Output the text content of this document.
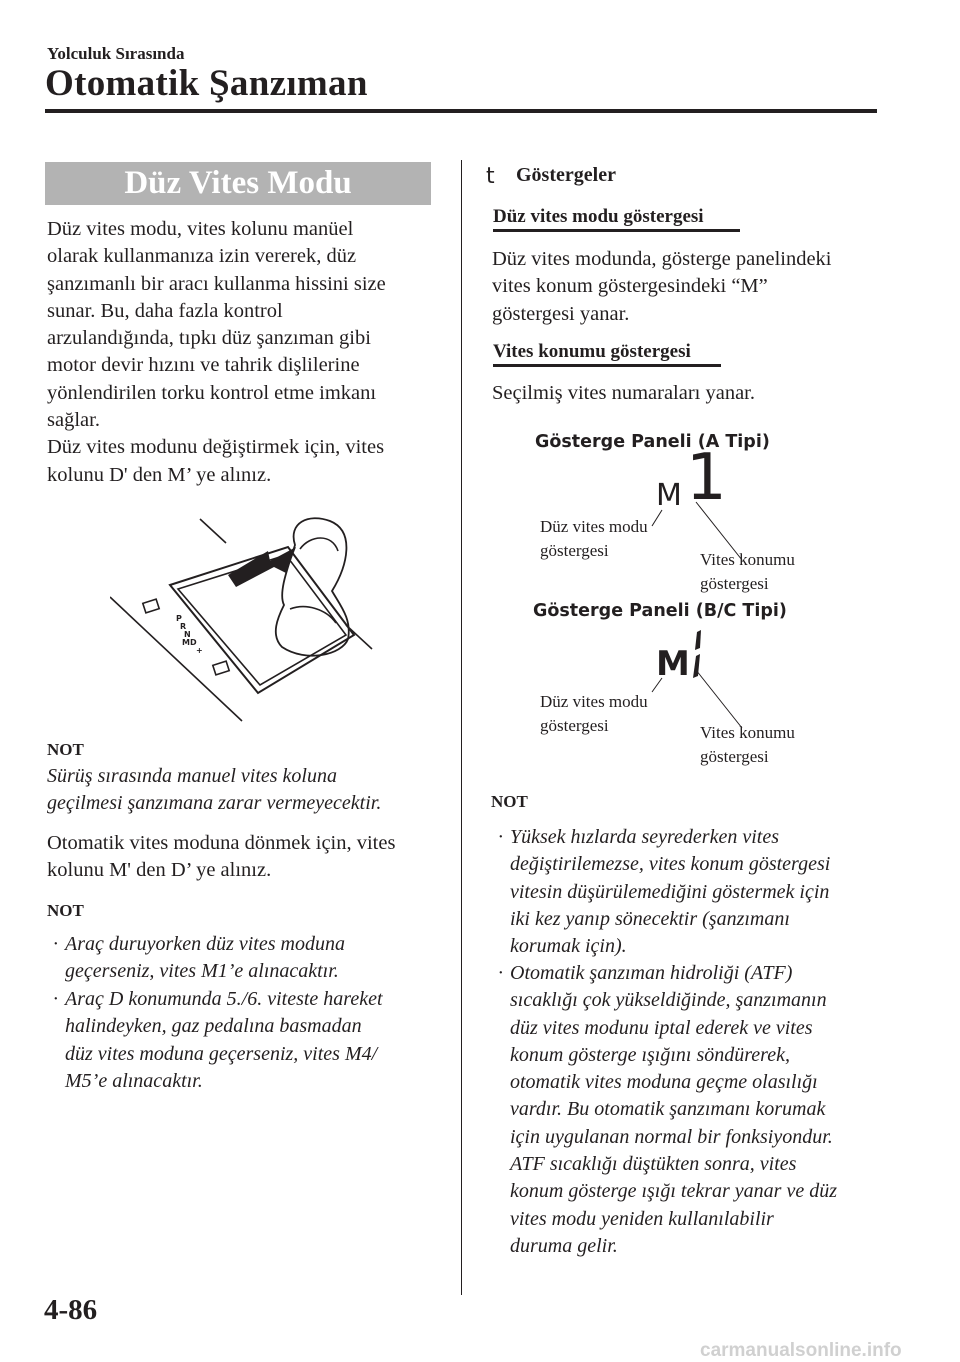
Yolculuk Sırasında
Otomatik Şanzıman
Düz Vites Modu
Düz vites modu, vites kolunu manüel
olarak kullanmanıza izin vererek, düz
şanzımanlı bir aracı kullanma hissini size
sunar. Bu, daha fazla kontrol
arzulandığında, tıpkı düz şanzıman gibi
motor devir hızını ve tahrik dişlilerine
yönlendirilen torku kontrol etme imkanı
sağlar.
Düz vites modunu değiştirmek için, vites
kolunu D' den M’ ye alınız.
P
R
N
D
M
+
NOT
Sürüş sırasında manuel vites koluna
geçilmesi şanzımana zarar vermeyecektir.
Otomatik vites moduna dönmek için, vites
kolunu M' den D’ ye alınız.
NOT
· Araç duruyorken düz vites moduna
geçerseniz, vites M1’e alınacaktır.
· Araç D konumunda 5./6. viteste hareket
halindeyken, gaz pedalına basmadan
düz vites moduna geçerseniz, vites M4/
M5’e alınacaktır.
t Göstergeler
Düz vites modu göstergesi
Düz vites modunda, gösterge panelindeki
vites konum göstergesindeki “M”
göstergesi yanar.
Vites konumu göstergesi
Seçilmiş vites numaraları yanar.
Gösterge Paneli (A Tipi)
M 1
Düz vites modu
göstergesi	Vites konumu
göstergesi
Gösterge Paneli (B/C Tipi)
M
Düz vites modu
göstergesi	Vites konumu
göstergesi
NOT
· Yüksek hızlarda seyrederken vites
değiştirilemezse, vites konum göstergesi
vitesin düşürülemediğini göstermek için
iki kez yanıp sönecektir (şanzımanı
korumak için).
· Otomatik şanzıman hidroliği (ATF)
sıcaklığı çok yükseldiğinde, şanzımanın
düz vites modunu iptal ederek ve vites
konum gösterge ışığını söndürerek,
otomatik vites moduna geçme olasılığı
vardır. Bu otomatik şanzımanı korumak
için uygulanan normal bir fonksiyondur.
ATF sıcaklığı düştükten sonra, vites
konum gösterge ışığı tekrar yanar ve düz
vites modu yeniden kullanılabilir
duruma gelir.
4-86
carmanualsonline.info
